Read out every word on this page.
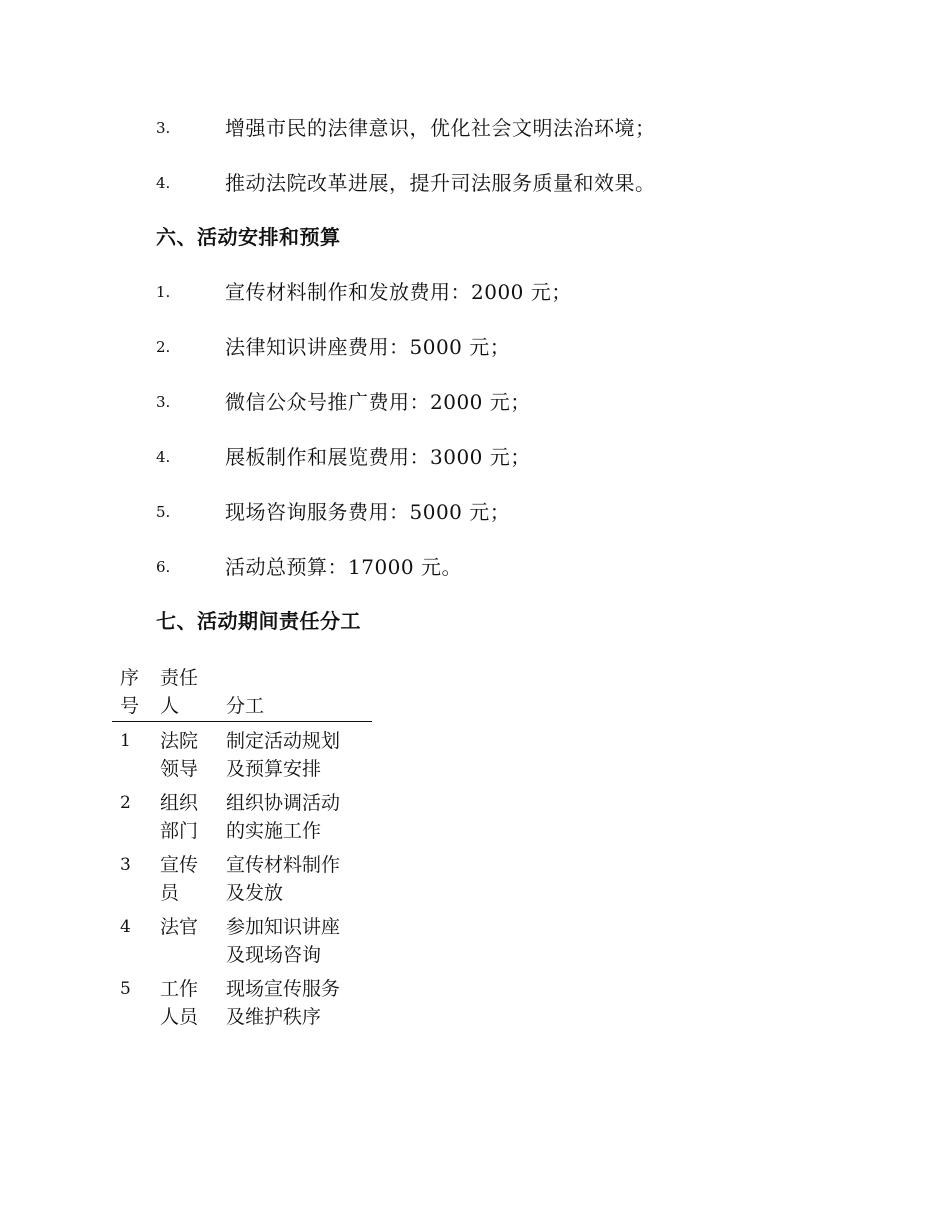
3.	增强市民的法律意识，优化社会文明法治环境；
4.	推动法院改革进展，提升司法服务质量和效果。
六、活动安排和预算
1.	宣传材料制作和发放费用：2000 元；
2.	法律知识讲座费用：5000 元；
3.	微信公众号推广费用：2000 元；
4.	展板制作和展览费用：3000 元；
5.	现场咨询服务费用：5000 元；
6.	活动总预算：17000 元。
七、活动期间责任分工
序号	责任人	分工

1	法院领导	制定活动规划及预算安排

2	组织部门	组织协调活动的实施工作

3	宣传员	宣传材料制作及发放

4	法官	参加知识讲座及现场咨询

5	工作人员	现场宣传服务及维护秩序
